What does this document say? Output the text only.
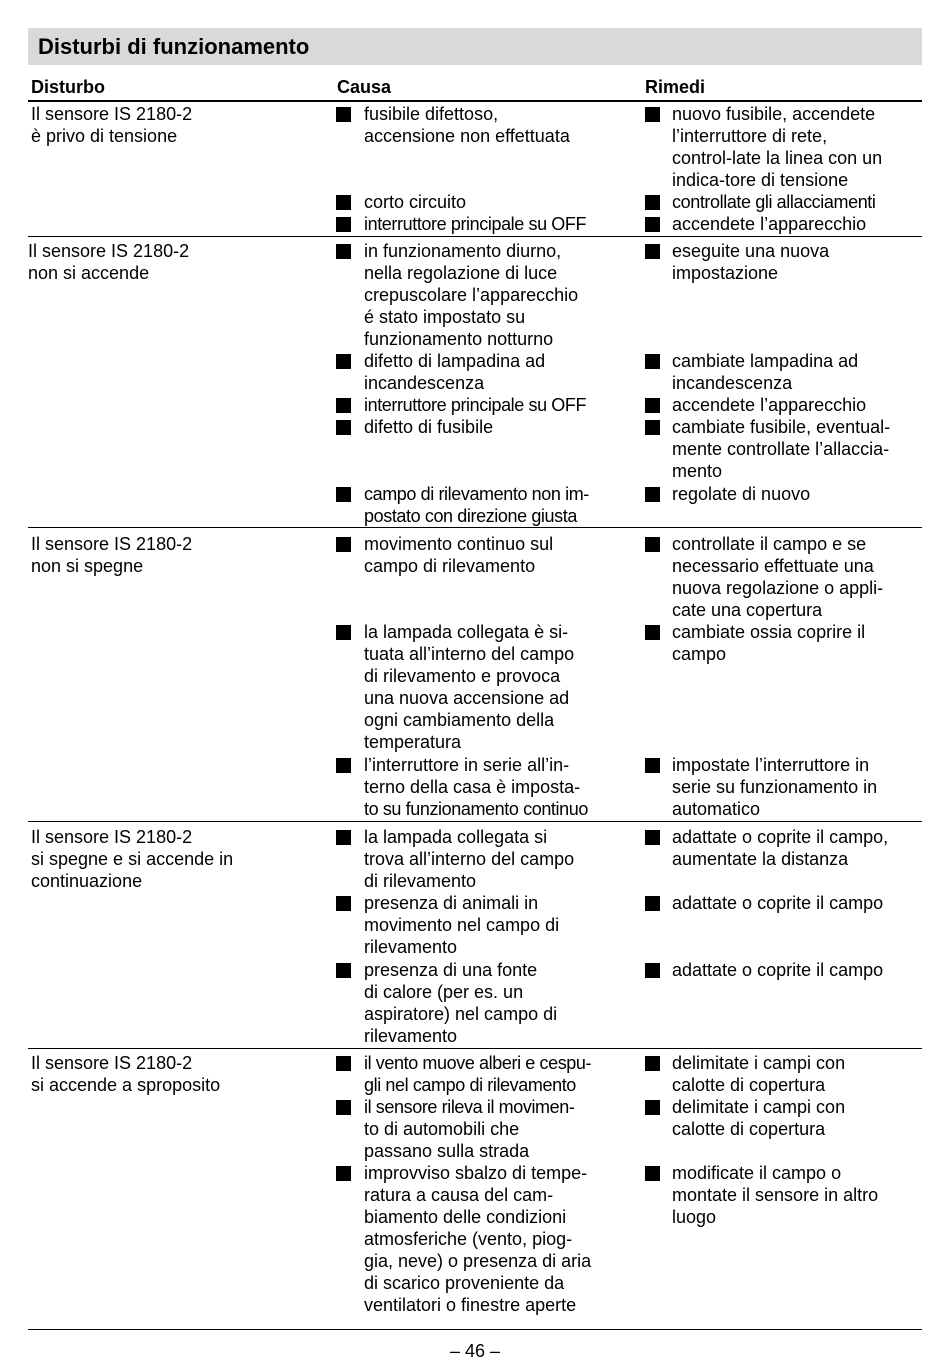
Disturbi di funzionamento
Disturbo	Causa	Rimedi
– 46 –
Il sensore IS 2180-2
è privo di tensione
fusibile difettoso,
accensione non effettuata
corto circuito
interruttore principale su OFF
nuovo fusibile, accendete
l’interruttore di rete,
control-late la linea con un
indica-tore di tensione
controllate gli allacciamenti
accendete l’apparecchio
Il sensore IS 2180-2
non si accende
in funzionamento diurno,
nella regolazione di luce
crepuscolare l’apparecchio
é stato impostato su
funzionamento notturno
difetto di lampadina ad
incandescenza
interruttore principale su OFF
difetto di fusibile
campo di rilevamento non im-
postato con direzione giusta
eseguite una nuova
impostazione
cambiate lampadina ad
incandescenza
accendete l’apparecchio
cambiate fusibile, eventual-
mente controllate l’allaccia-
mento
regolate di nuovo
Il sensore IS 2180-2
non si spegne
movimento continuo sul
campo di rilevamento
la lampada collegata è si-
tuata all’interno del campo
di rilevamento e provoca
una nuova accensione ad
ogni cambiamento della
temperatura
l’interruttore in serie all’in-
terno della casa è imposta-
to su funzionamento continuo
controllate il campo e se
necessario effettuate una
nuova regolazione o appli-
cate una copertura
cambiate ossia coprire il
campo
impostate l’interruttore in
serie su funzionamento in
automatico
Il sensore IS 2180-2
si spegne e si accende in
continuazione
la lampada collegata si
trova all’interno del campo
di rilevamento
presenza di animali in
movimento nel campo di
rilevamento
presenza di una fonte
di calore (per es. un
aspiratore) nel campo di
rilevamento
adattate o coprite il campo,
aumentate la distanza
adattate o coprite il campo
adattate o coprite il campo
Il sensore IS 2180-2
si accende a sproposito
il vento muove alberi e cespu-
gli nel campo di rilevamento
il sensore rileva il movimen-
to di automobili che
passano sulla strada
improvviso sbalzo di tempe-
ratura a causa del cam-
biamento delle condizioni
atmosferiche (vento, piog-
gia, neve) o presenza di aria
di scarico proveniente da
ventilatori o finestre aperte
delimitate i campi con
calotte di copertura
delimitate i campi con
calotte di copertura
modificate il campo o
montate il sensore in altro
luogo
